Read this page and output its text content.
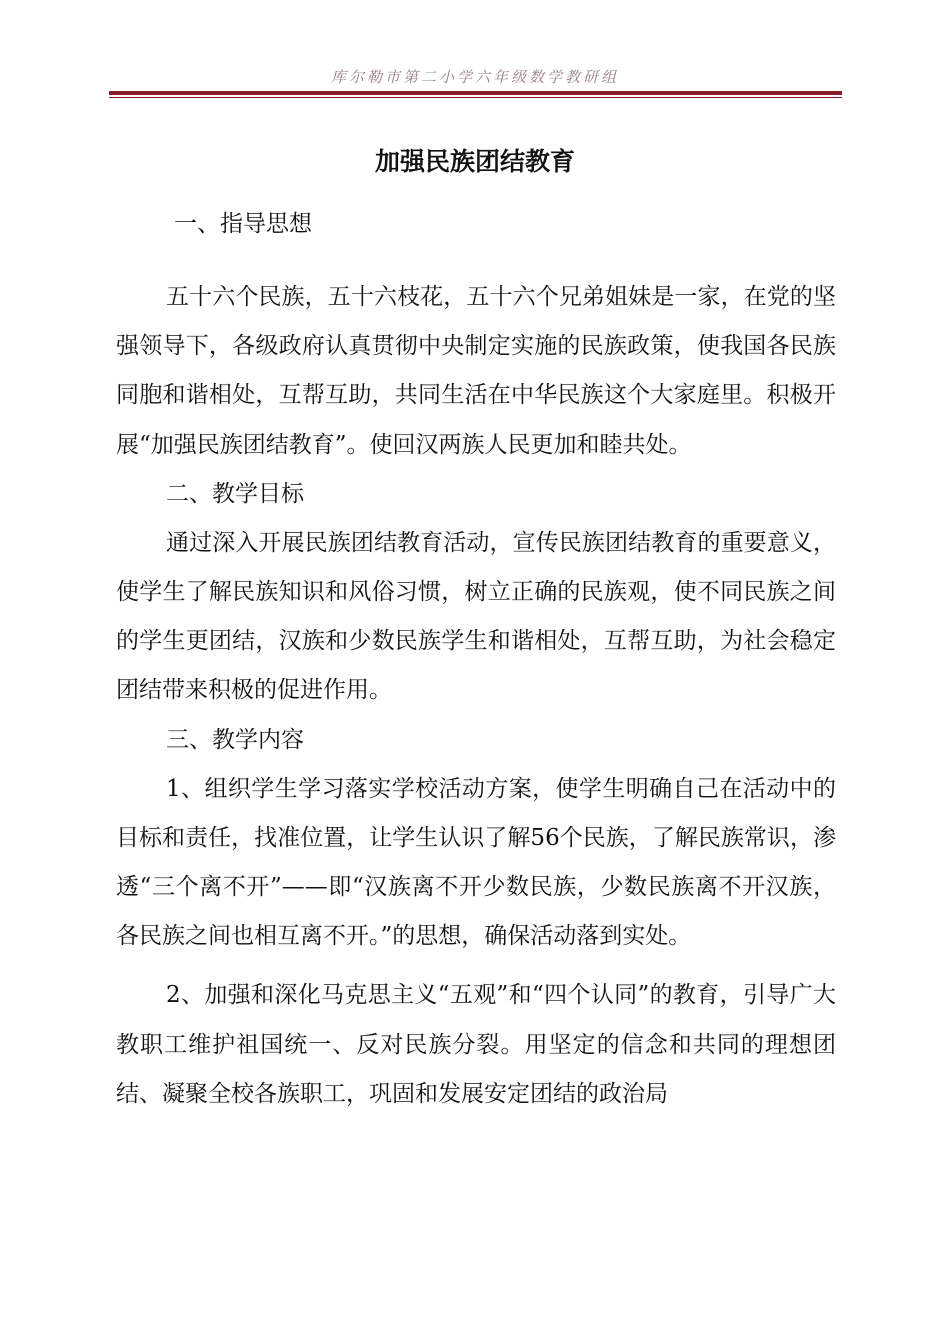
库尔勒市第二小学六年级数学教研组
加强民族团结教育
一、指导思想

五十六个民族，五十六枝花，五十六个兄弟姐妹是一家，在党的坚强领导下，各级政府认真贯彻中央制定实施的民族政策，使我国各民族同胞和谐相处，互帮互助，共同生活在中华民族这个大家庭里。积极开展“加强民族团结教育”。使回汉两族人民更加和睦共处。

二、教学目标

通过深入开展民族团结教育活动，宣传民族团结教育的重要意义，使学生了解民族知识和风俗习惯，树立正确的民族观，使不同民族之间的学生更团结，汉族和少数民族学生和谐相处，互帮互助，为社会稳定团结带来积极的促进作用。

三、教学内容

1、组织学生学习落实学校活动方案，使学生明确自己在活动中的目标和责任，找准位置，让学生认识了解56个民族，了解民族常识，渗透“三个离不开”——即“汉族离不开少数民族，少数民族离不开汉族，各民族之间也相互离不开。”的思想，确保活动落到实处。

2、加强和深化马克思主义“五观”和“四个认同”的教育，引导广大教职工维护祖国统一、反对民族分裂。用坚定的信念和共同的理想团结、凝聚全校各族职工，巩固和发展安定团结的政治局
